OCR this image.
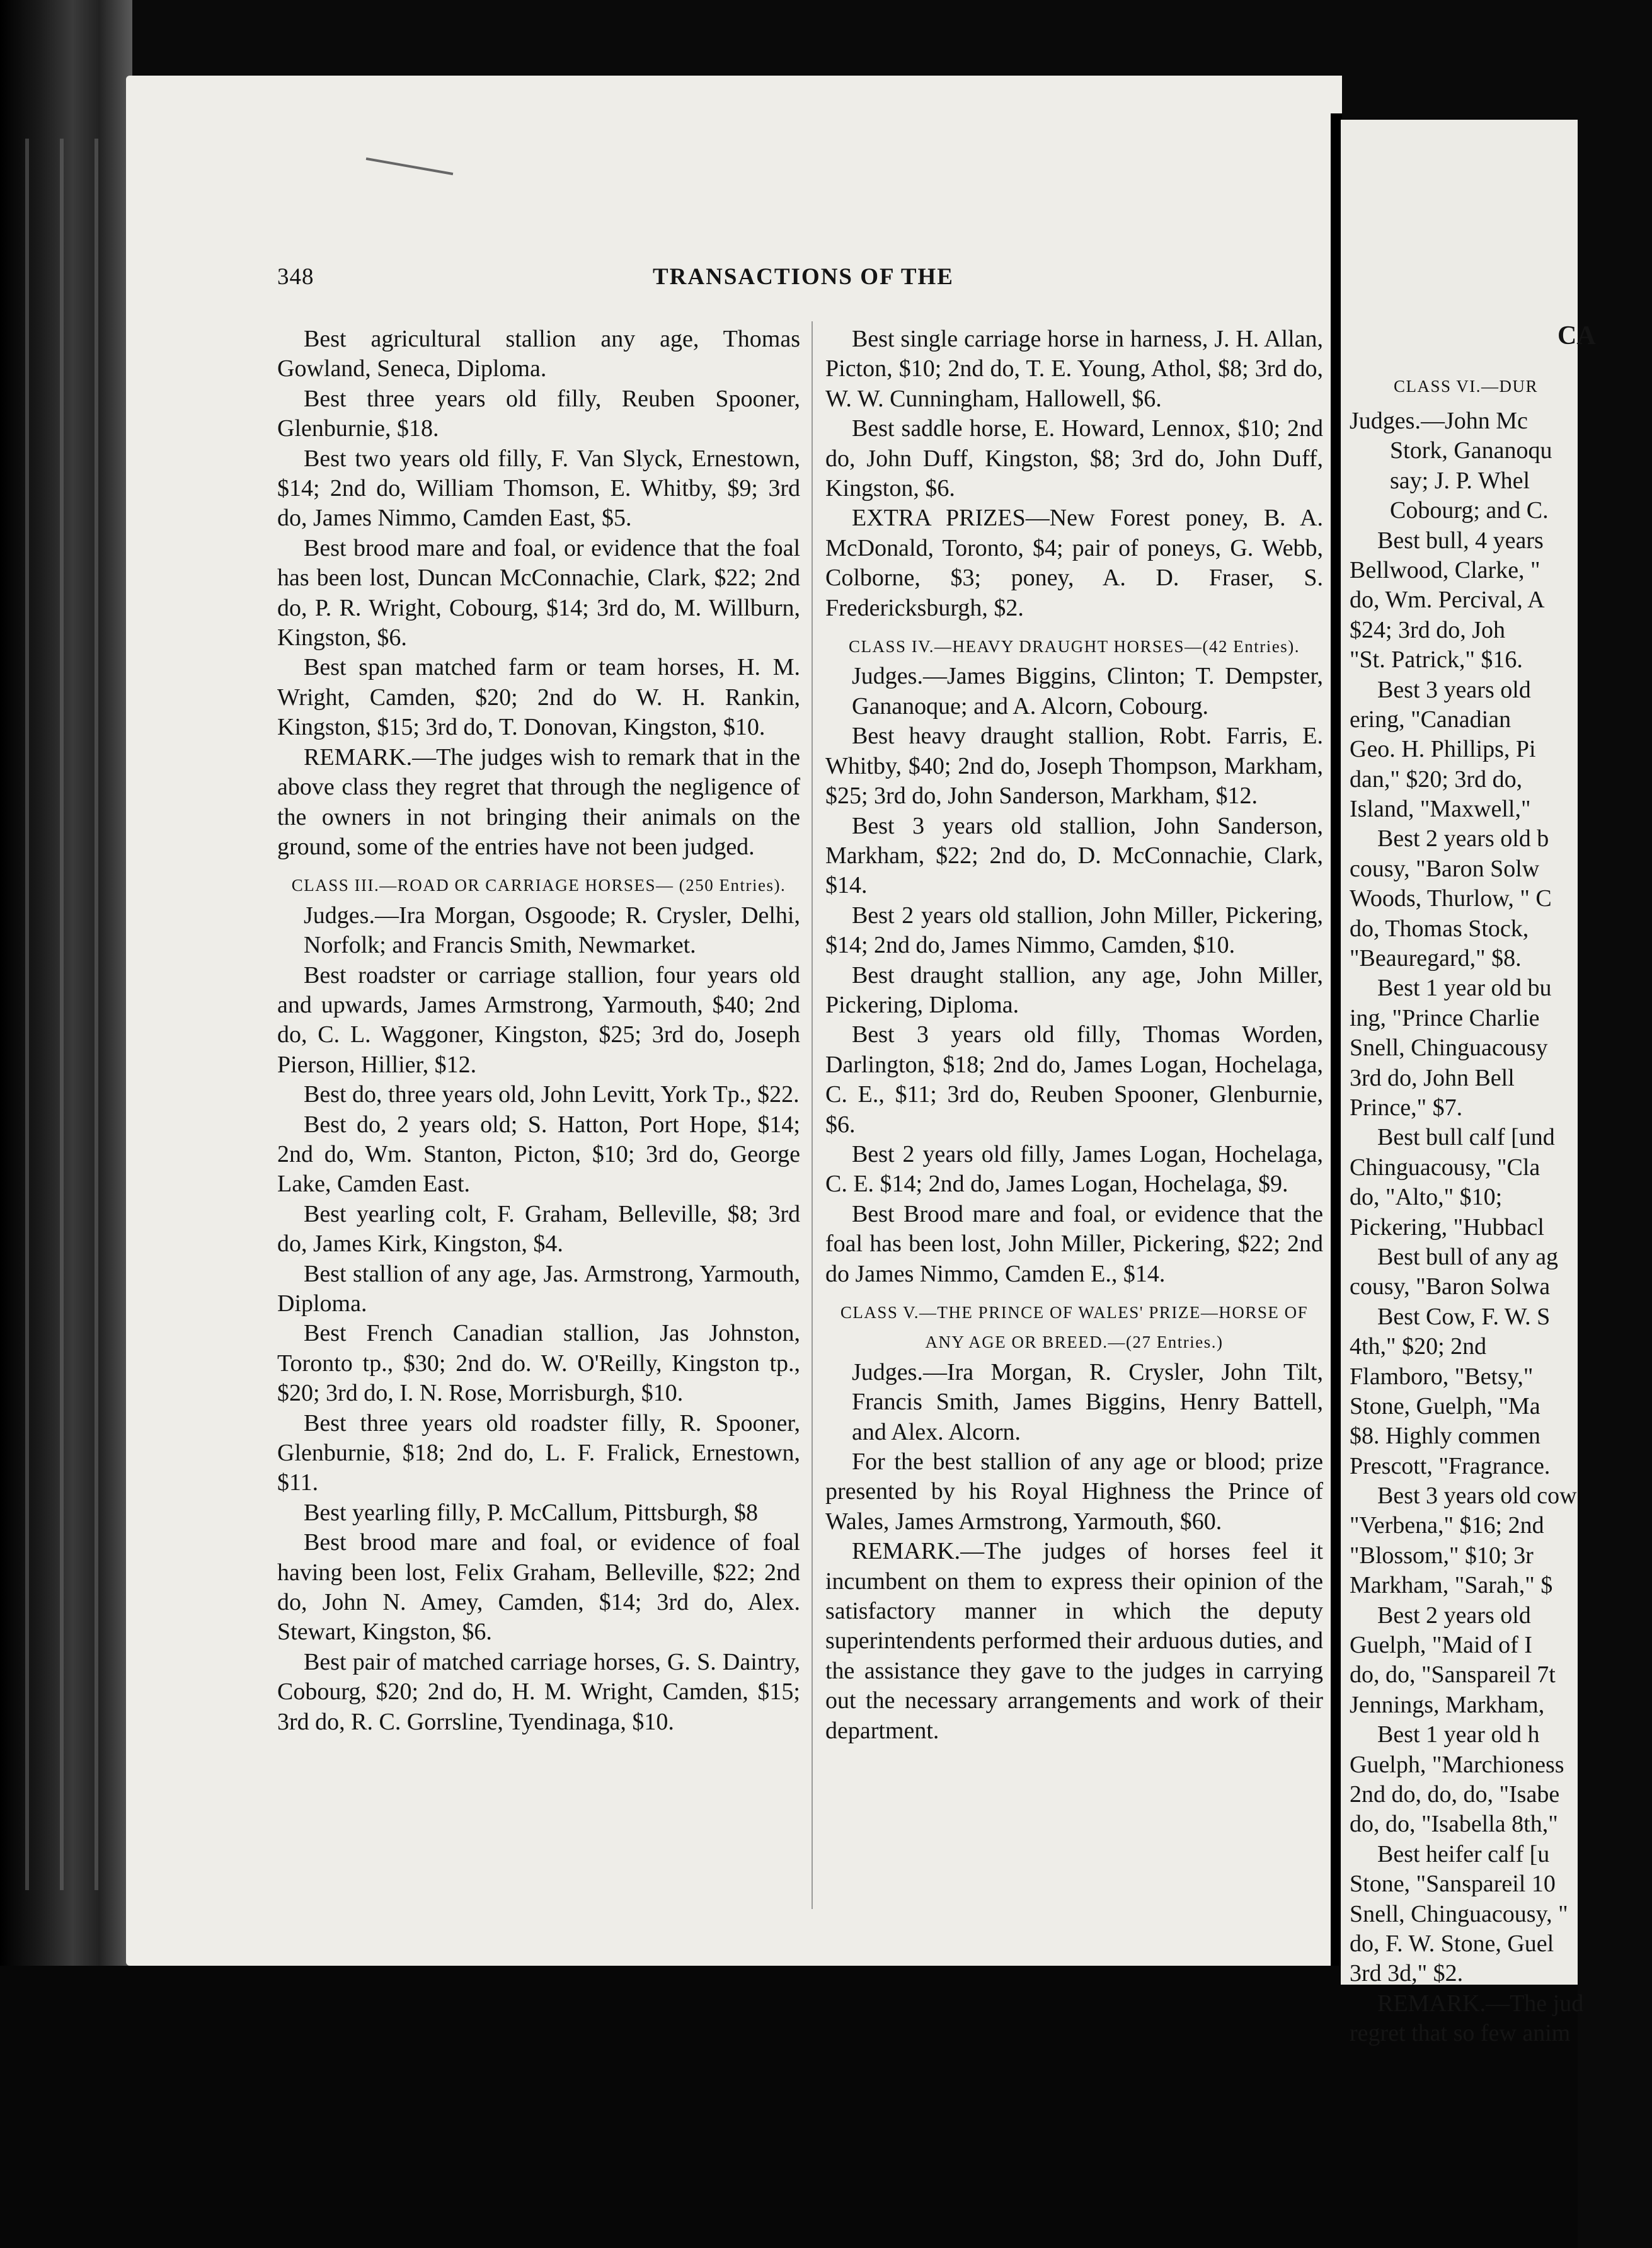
348	TRANSACTIONS OF THE

Best agricultural stallion any age, Thomas Gowland, Seneca, Diploma.

Best three years old filly, Reuben Spooner, Glenburnie, $18.

Best two years old filly, F. Van Slyck, Ernestown, $14; 2nd do, William Thomson, E. Whitby, $9; 3rd do, James Nimmo, Camden East, $5.

Best brood mare and foal, or evidence that the foal has been lost, Duncan McConnachie, Clark, $22; 2nd do, P. R. Wright, Cobourg, $14; 3rd do, M. Willburn, Kingston, $6.

Best span matched farm or team horses, H. M. Wright, Camden, $20; 2nd do W. H. Rankin, Kingston, $15; 3rd do, T. Donovan, Kingston, $10.

REMARK.—The judges wish to remark that in the above class they regret that through the negligence of the owners in not bringing their animals on the ground, some of the entries have not been judged.

CLASS III.—ROAD OR CARRIAGE HORSES— (250 Entries).

Judges.—Ira Morgan, Osgoode; R. Crysler, Delhi, Norfolk; and Francis Smith, Newmarket.

Best roadster or carriage stallion, four years old and upwards, James Armstrong, Yarmouth, $40; 2nd do, C. L. Waggoner, Kingston, $25; 3rd do, Joseph Pierson, Hillier, $12.

Best do, three years old, John Levitt, York Tp., $22.

Best do, 2 years old; S. Hatton, Port Hope, $14; 2nd do, Wm. Stanton, Picton, $10; 3rd do, George Lake, Camden East.

Best yearling colt, F. Graham, Belleville, $8; 3rd do, James Kirk, Kingston, $4.

Best stallion of any age, Jas. Armstrong, Yarmouth, Diploma.

Best French Canadian stallion, Jas Johnston, Toronto tp., $30; 2nd do. W. O'Reilly, Kingston tp., $20; 3rd do, I. N. Rose, Morrisburgh, $10.

Best three years old roadster filly, R. Spooner, Glenburnie, $18; 2nd do, L. F. Fralick, Ernestown, $11.

Best yearling filly, P. McCallum, Pittsburgh, $8

Best brood mare and foal, or evidence of foal having been lost, Felix Graham, Belleville, $22; 2nd do, John N. Amey, Camden, $14; 3rd do, Alex. Stewart, Kingston, $6.

Best pair of matched carriage horses, G. S. Daintry, Cobourg, $20; 2nd do, H. M. Wright, Camden, $15; 3rd do, R. C. Gorrsline, Tyendinaga, $10.

Best single carriage horse in harness, J. H. Allan, Picton, $10; 2nd do, T. E. Young, Athol, $8; 3rd do, W. W. Cunningham, Hallowell, $6.

Best saddle horse, E. Howard, Lennox, $10; 2nd do, John Duff, Kingston, $8; 3rd do, John Duff, Kingston, $6.

EXTRA PRIZES—New Forest poney, B. A. McDonald, Toronto, $4; pair of poneys, G. Webb, Colborne, $3; poney, A. D. Fraser, S. Fredericksburgh, $2.

CLASS IV.—HEAVY DRAUGHT HORSES—(42 Entries).

Judges.—James Biggins, Clinton; T. Dempster, Gananoque; and A. Alcorn, Cobourg.

Best heavy draught stallion, Robt. Farris, E. Whitby, $40; 2nd do, Joseph Thompson, Markham, $25; 3rd do, John Sanderson, Markham, $12.

Best 3 years old stallion, John Sanderson, Markham, $22; 2nd do, D. McConnachie, Clark, $14.

Best 2 years old stallion, John Miller, Pickering, $14; 2nd do, James Nimmo, Camden, $10.

Best draught stallion, any age, John Miller, Pickering, Diploma.

Best 3 years old filly, Thomas Worden, Darlington, $18; 2nd do, James Logan, Hochelaga, C. E., $11; 3rd do, Reuben Spooner, Glenburnie, $6.

Best 2 years old filly, James Logan, Hochelaga, C. E. $14; 2nd do, James Logan, Hochelaga, $9.

Best Brood mare and foal, or evidence that the foal has been lost, John Miller, Pickering, $22; 2nd do James Nimmo, Camden E., $14.

CLASS V.—THE PRINCE OF WALES' PRIZE—HORSE OF ANY AGE OR BREED.—(27 Entries.)

Judges.—Ira Morgan, R. Crysler, John Tilt, Francis Smith, James Biggins, Henry Battell, and Alex. Alcorn.

For the best stallion of any age or blood; prize presented by his Royal Highness the Prince of Wales, James Armstrong, Yarmouth, $60.

REMARK.—The judges of horses feel it incumbent on them to express their opinion of the satisfactory manner in which the deputy superintendents performed their arduous duties, and the assistance they gave to the judges in carrying out the necessary arrangements and work of their department.

CA
CLASS VI.—DUR
Judges.—John Mc
Stork, Gananoqu
say; J. P. Whel
Cobourg; and C.
Best bull, 4 years
Bellwood, Clarke, "
do, Wm. Percival, A
$24; 3rd do, Joh
"St. Patrick," $16.
Best 3 years old
ering, "Canadian
Geo. H. Phillips, Pi
dan," $20; 3rd do,
Island, "Maxwell,"
Best 2 years old b
cousy, "Baron Solw
Woods, Thurlow, " C
do, Thomas Stock,
"Beauregard," $8.
Best 1 year old bu
ing, "Prince Charlie
Snell, Chinguacousy
3rd do, John Bell
Prince," $7.
Best bull calf [und
Chinguacousy, "Cla
do, "Alto," $10;
Pickering, "Hubbacl
Best bull of any ag
cousy, "Baron Solwa
Best Cow, F. W. S
4th," $20; 2nd
Flamboro, "Betsy,"
Stone, Guelph, "Ma
$8. Highly commen
Prescott, "Fragrance.
Best 3 years old cow
"Verbena," $16; 2nd
"Blossom," $10; 3r
Markham, "Sarah," $
Best 2 years old
Guelph, "Maid of I
do, do, "Sanspareil 7t
Jennings, Markham,
Best 1 year old h
Guelph, "Marchioness
2nd do, do, do, "Isabe
do, do, "Isabella 8th,"
Best heifer calf [u
Stone, "Sanspareil 10
Snell, Chinguacousy, "
do, F. W. Stone, Guel
3rd 3d," $2.
REMARK.—The jud
regret that so few anim
